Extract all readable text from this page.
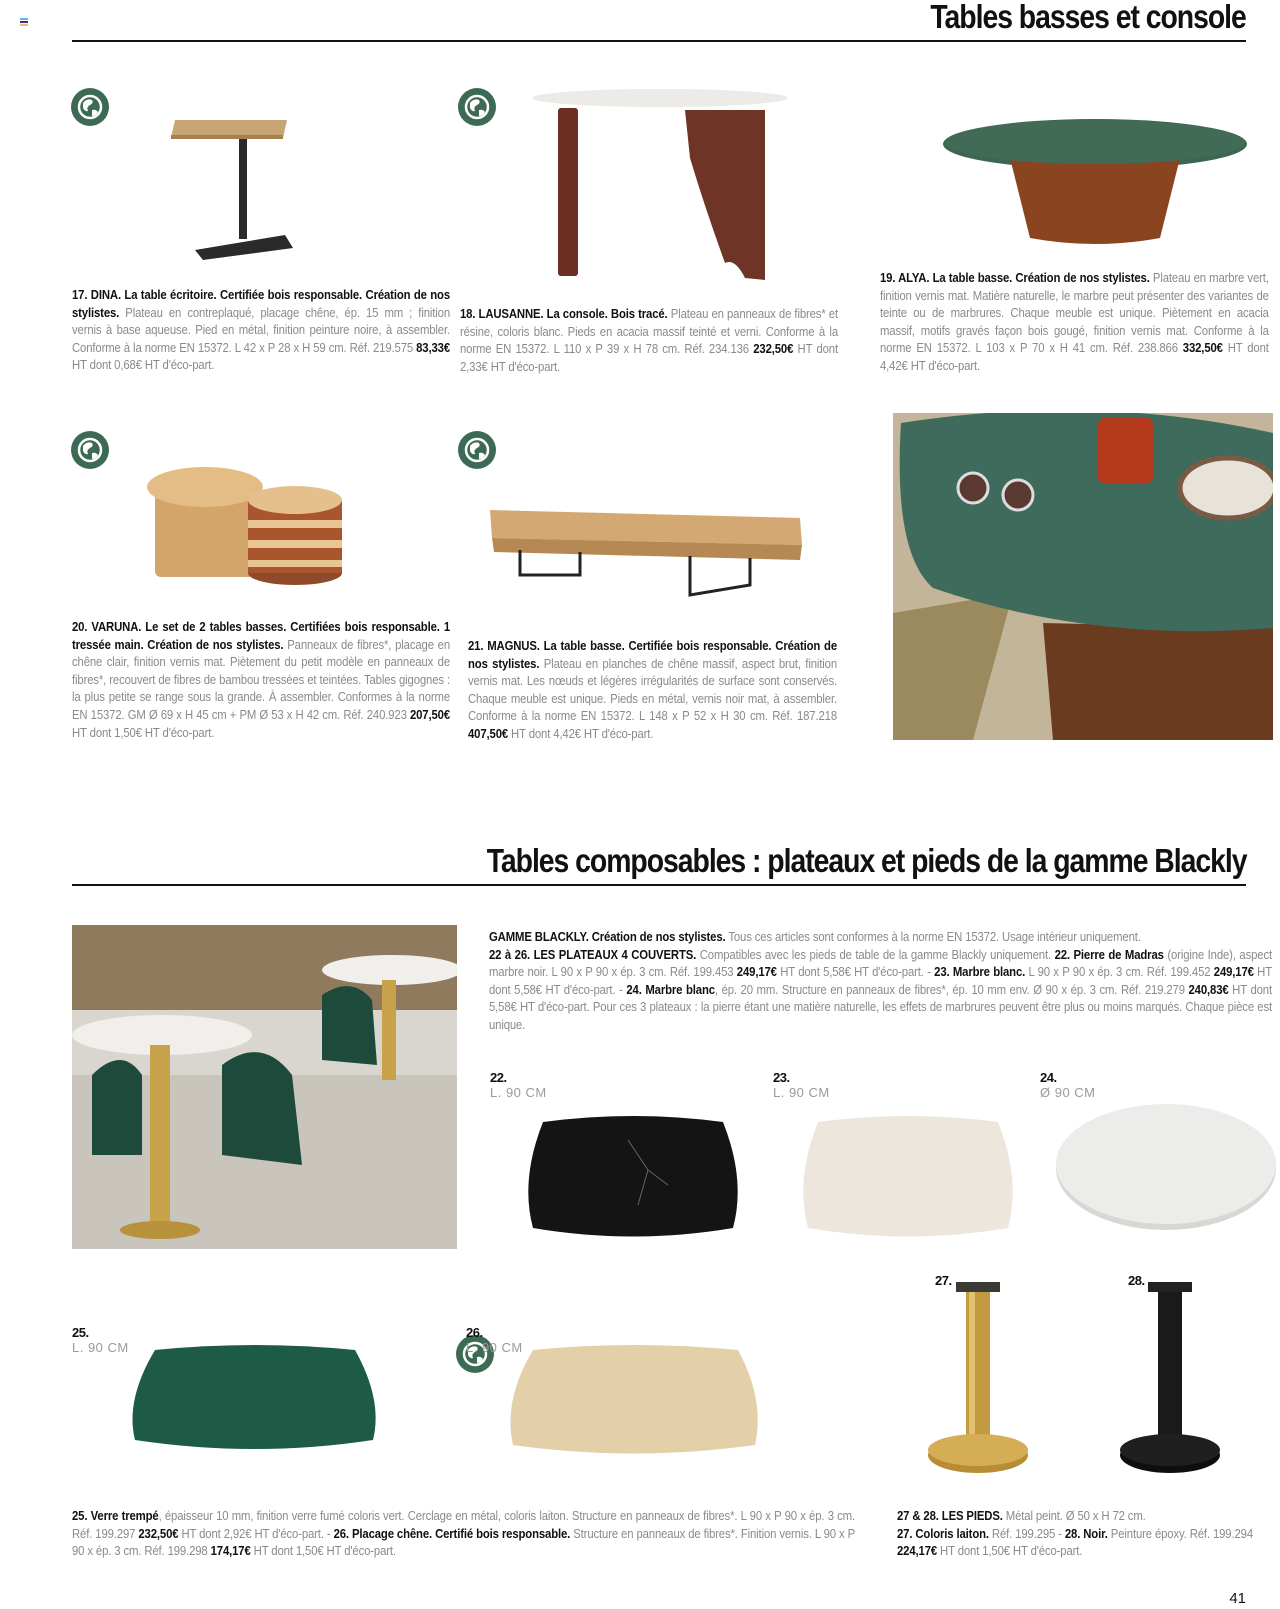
Tables basses et console
17. DINA. La table écritoire. Certifiée bois responsable. Création de nos stylistes. Plateau en contreplaqué, placage chêne, ép. 15 mm ; finition vernis à base aqueuse. Pied en métal, finition peinture noire, à assembler. Conforme à la norme EN 15372. L 42 x P 28 x H 59 cm. Réf. 219.575 83,33€ HT dont 0,68€ HT d'éco-part.
18. LAUSANNE. La console. Bois tracé. Plateau en panneaux de fibres* et résine, coloris blanc. Pieds en acacia massif teinté et verni. Conforme à la norme EN 15372. L 110 x P 39 x H 78 cm. Réf. 234.136 232,50€ HT dont 2,33€ HT d'éco-part.
19. ALYA. La table basse. Création de nos stylistes. Plateau en marbre vert, finition vernis mat. Matière naturelle, le marbre peut présenter des variantes de teinte ou de marbrures. Chaque meuble est unique. Piètement en acacia massif, motifs gravés façon bois gougé, finition vernis mat. Conforme à la norme EN 15372. L 103 x P 70 x H 41 cm. Réf. 238.866 332,50€ HT dont 4,42€ HT d'éco-part.
20. VARUNA. Le set de 2 tables basses. Certifiées bois responsable. 1 tressée main. Création de nos stylistes. Panneaux de fibres*, placage en chêne clair, finition vernis mat. Piètement du petit modèle en panneaux de fibres*, recouvert de fibres de bambou tressées et teintées. Tables gigognes : la plus petite se range sous la grande. À assembler. Conformes à la norme EN 15372. GM Ø 69 x H 45 cm + PM Ø 53 x H 42 cm. Réf. 240.923 207,50€ HT dont 1,50€ HT d'éco-part.
21. MAGNUS. La table basse. Certifiée bois responsable. Création de nos stylistes. Plateau en planches de chêne massif, aspect brut, finition vernis mat. Les nœuds et légères irrégularités de surface sont conservés. Chaque meuble est unique. Pieds en métal, vernis noir mat, à assembler. Conforme à la norme EN 15372. L 148 x P 52 x H 30 cm. Réf. 187.218 407,50€ HT dont 4,42€ HT d'éco-part.
Tables composables : plateaux et pieds de la gamme Blackly
GAMME BLACKLY. Création de nos stylistes. Tous ces articles sont conformes à la norme EN 15372. Usage intérieur uniquement.
22 à 26. LES PLATEAUX 4 COUVERTS. Compatibles avec les pieds de table de la gamme Blackly uniquement. 22. Pierre de Madras (origine Inde), aspect marbre noir. L 90 x P 90 x ép. 3 cm. Réf. 199.453 249,17€ HT dont 5,58€ HT d'éco-part. - 23. Marbre blanc. L 90 x P 90 x ép. 3 cm. Réf. 199.452 249,17€ HT dont 5,58€ HT d'éco-part. - 24. Marbre blanc, ép. 20 mm. Structure en panneaux de fibres*, ép. 10 mm env. Ø 90 x ép. 3 cm. Réf. 219.279 240,83€ HT dont 5,58€ HT d'éco-part. Pour ces 3 plateaux : la pierre étant une matière naturelle, les effets de marbrures peuvent être plus ou moins marqués. Chaque pièce est unique.
22.
L. 90 CM
23.
L. 90 CM
24.
Ø 90 CM
25.
L. 90 CM
26.
L. 90 CM
27.	28.
25. Verre trempé, épaisseur 10 mm, finition verre fumé coloris vert. Cerclage en métal, coloris laiton. Structure en panneaux de fibres*. L 90 x P 90 x ép. 3 cm. Réf. 199.297 232,50€ HT dont 2,92€ HT d'éco-part. - 26. Placage chêne. Certifié bois responsable. Structure en panneaux de fibres*. Finition vernis. L 90 x P 90 x ép. 3 cm. Réf. 199.298 174,17€ HT dont 1,50€ HT d'éco-part.
27 & 28. LES PIEDS. Métal peint. Ø 50 x H 72 cm.
27. Coloris laiton. Réf. 199.295 - 28. Noir. Peinture époxy. Réf. 199.294
224,17€ HT dont 1,50€ HT d'éco-part.
41
